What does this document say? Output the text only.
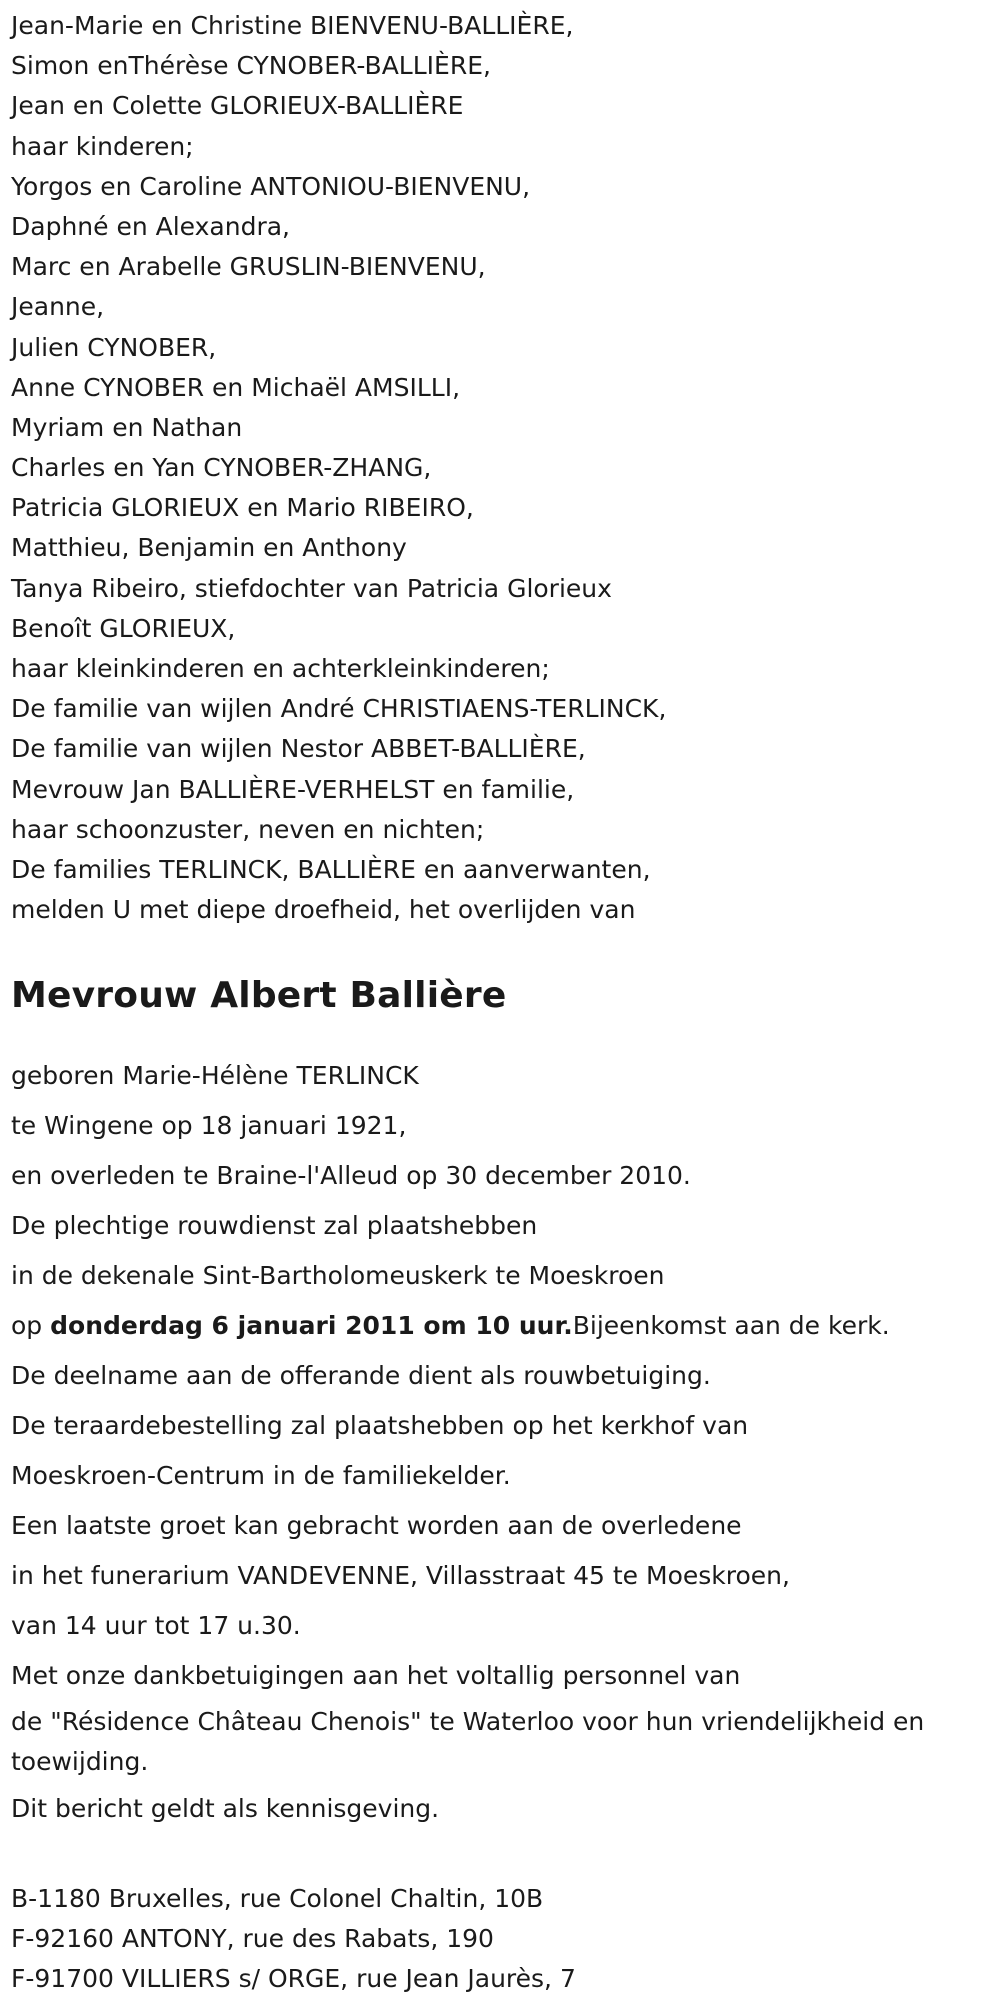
Jean-Marie en Christine BIENVENU-BALLIÈRE,
Simon enThérèse CYNOBER-BALLIÈRE,
Jean en Colette GLORIEUX-BALLIÈRE
haar kinderen;
Yorgos en Caroline ANTONIOU-BIENVENU,
Daphné en Alexandra,
Marc en Arabelle GRUSLIN-BIENVENU,
Jeanne,
Julien CYNOBER,
Anne CYNOBER en Michaël AMSILLI,
Myriam en Nathan
Charles en Yan CYNOBER-ZHANG,
Patricia GLORIEUX en Mario RIBEIRO,
Matthieu, Benjamin en Anthony
Tanya Ribeiro, stiefdochter van Patricia Glorieux
Benoît GLORIEUX,
haar kleinkinderen en achterkleinkinderen;
De familie van wijlen André CHRISTIAENS-TERLINCK,
De familie van wijlen Nestor ABBET-BALLIÈRE,
Mevrouw Jan BALLIÈRE-VERHELST en familie,
haar schoonzuster, neven en nichten;
De families TERLINCK, BALLIÈRE en aanverwanten,
melden U met diepe droefheid, het overlijden van
Mevrouw Albert Ballière
geboren Marie-Hélène TERLINCK
te Wingene op 18 januari 1921,
en overleden te Braine-l'Alleud op 30 december 2010.
De plechtige rouwdienst zal plaatshebben
in de dekenale Sint-Bartholomeuskerk te Moeskroen
op donderdag 6 januari 2011 om 10 uur.Bijeenkomst aan de kerk.
De deelname aan de offerande dient als rouwbetuiging.
De teraardebestelling zal plaatshebben op het kerkhof van
Moeskroen-Centrum in de familiekelder.
Een laatste groet kan gebracht worden aan de overledene
in het funerarium VANDEVENNE, Villasstraat 45 te Moeskroen,
van 14 uur tot 17 u.30.
Met onze dankbetuigingen aan het voltallig personnel van
de "Résidence Château Chenois" te Waterloo voor hun vriendelijkheid en toewijding.
Dit bericht geldt als kennisgeving.
B-1180 Bruxelles, rue Colonel Chaltin, 10B
F-92160 ANTONY, rue des Rabats, 190
F-91700 VILLIERS s/ ORGE, rue Jean Jaurès, 7
